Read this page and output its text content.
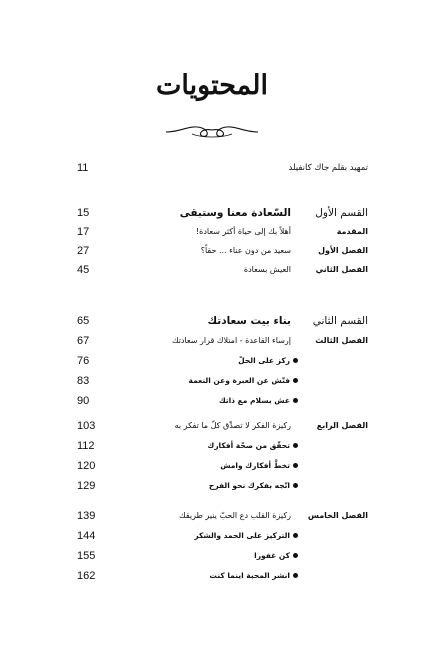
المحتويات
11	تمهيد بقلم جاك كانفيلد
15	القسم الأول
السّعادة معنا وستبقى
17	المقدمة
أهلاً بك إلى حياة أكثر سعادة!
27	الفصل الأول
سعيد من دون عناء ... حقاً؟
45	الفصل الثاني
العيش بسعادة
65	القسم الثاني
بناء بيت سعادتك
67	الفصل الثالث
إرساء القاعدة - امتلاك قرار سعادتك
76	ركز على الحلّ
83	فتّش عن العبرة وعن النعمة
90	عش بسلام مع ذاتك
103	الفصل الرابع
ركيزة الفكر لا تصدِّق كلّ ما تفكر به
112	تحقّق من صحّة أفكارك
120	تخطَّ أفكارك وامش
129	اتّجه بفكرك نحو الفرح
139	الفصل الخامس
ركيزة القلب دع الحبّ ينير طريقك
144	التركيز على الحمد والشكر
155	كن غفورا
162	انشر المحبة اينما كنت
